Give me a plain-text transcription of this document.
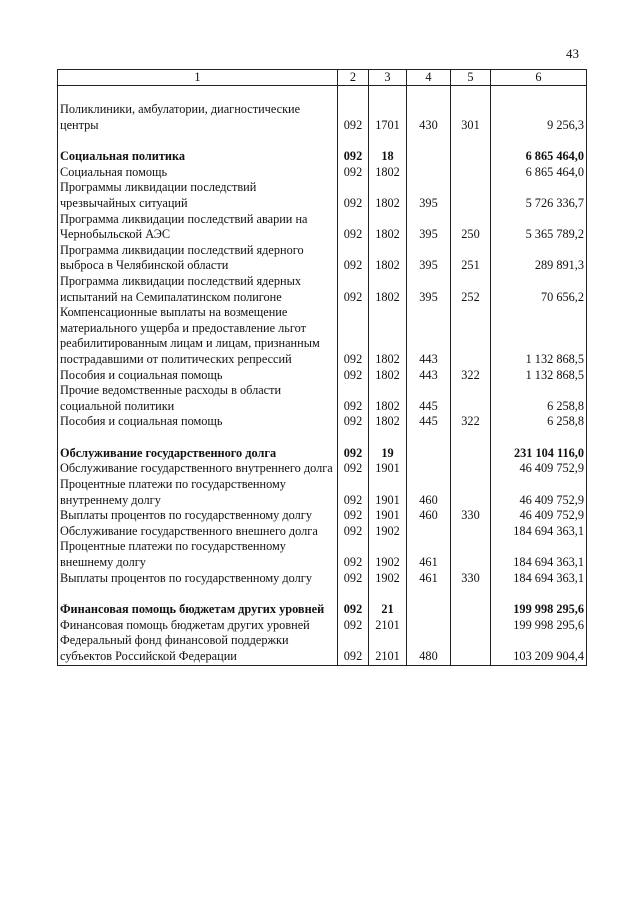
43
1	2	3	4	5	6

Поликлиники, амбулатории, диагностические центры	092	1701	430	301	9 256,3

Социальная политика	092	18			6 865 464,0
Социальная помощь	092	1802			6 865 464,0
Программы ликвидации последствий чрезвычайных ситуаций	092	1802	395		5 726 336,7
Программа ликвидации последствий аварии на Чернобыльской АЭС	092	1802	395	250	5 365 789,2
Программа ликвидации последствий ядерного выброса в Челябинской области	092	1802	395	251	289 891,3
Программа ликвидации последствий ядерных испытаний на Семипалатинском полигоне	092	1802	395	252	70 656,2
Компенсационные выплаты на возмещение материального ущерба и предоставление льгот реабилитированным лицам и лицам, признанным пострадавшими от политических репрессий	092	1802	443		1 132 868,5
Пособия и социальная помощь	092	1802	443	322	1 132 868,5
Прочие ведомственные расходы в области социальной политики	092	1802	445		6 258,8
Пособия и социальная помощь	092	1802	445	322	6 258,8

Обслуживание государственного долга	092	19			231 104 116,0
Обслуживание государственного внутреннего долга	092	1901			46 409 752,9
Процентные платежи по государственному внутреннему долгу	092	1901	460		46 409 752,9
Выплаты процентов по государственному долгу	092	1901	460	330	46 409 752,9
Обслуживание государственного внешнего долга	092	1902			184 694 363,1
Процентные платежи по государственному внешнему долгу	092	1902	461		184 694 363,1
Выплаты процентов по государственному долгу	092	1902	461	330	184 694 363,1

Финансовая помощь бюджетам других уровней	092	21			199 998 295,6
Финансовая помощь бюджетам других уровней	092	2101			199 998 295,6
Федеральный фонд финансовой поддержки субъектов Российской Федерации	092	2101	480		103 209 904,4
